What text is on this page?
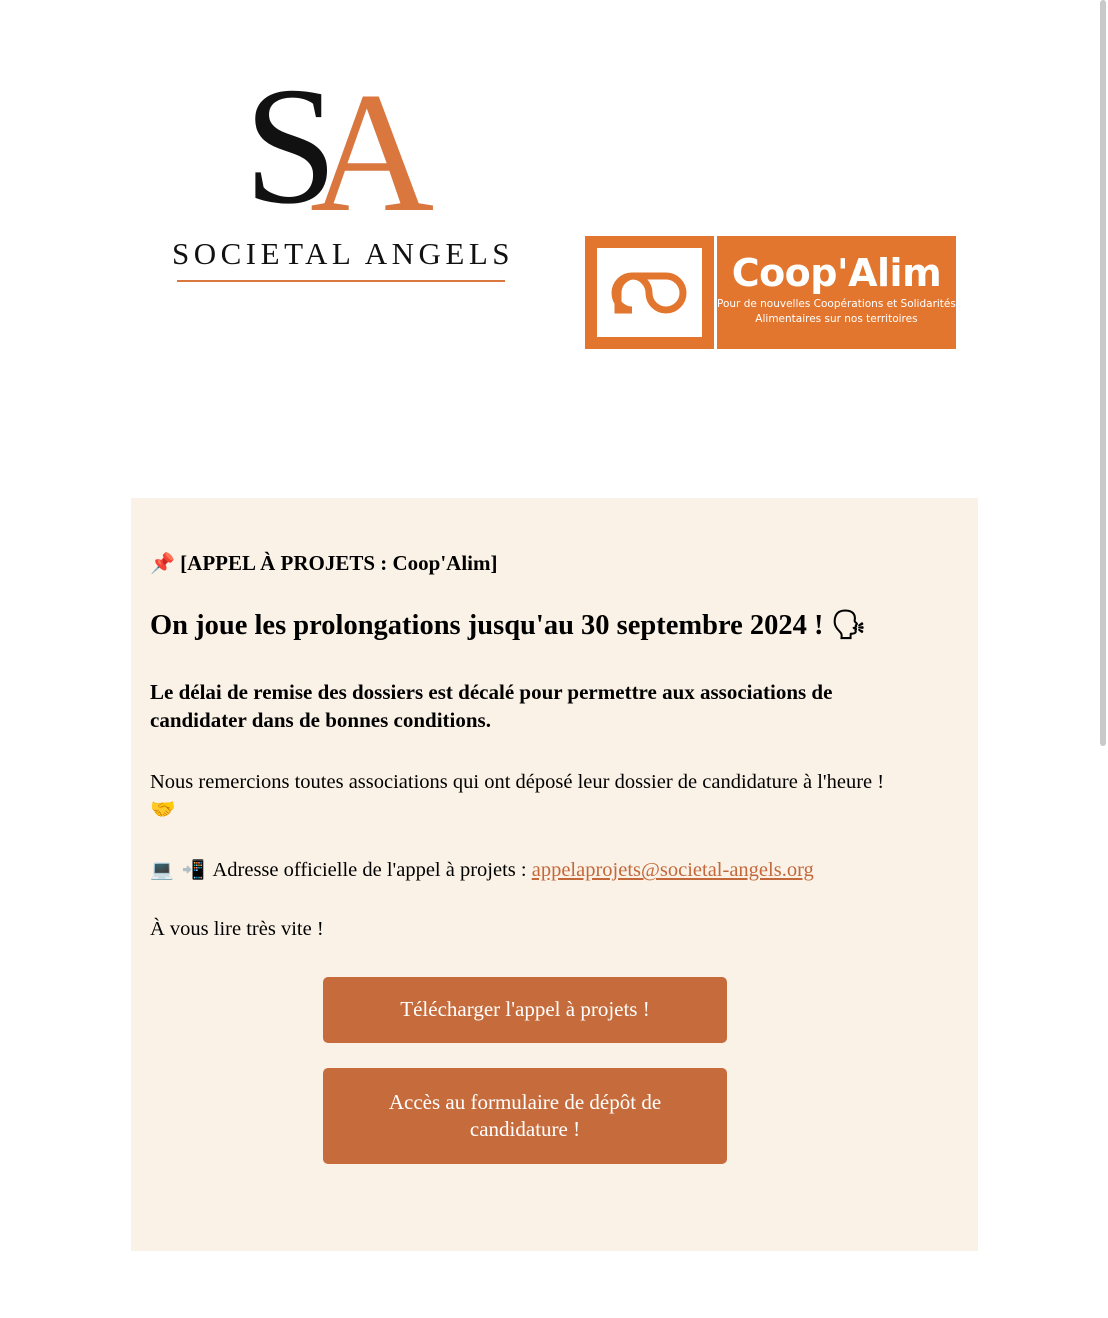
S
A
SOCIETAL ANGELS	Coop'Alim
Pour de nouvelles Coopérations et Solidarités
Alimentaires sur nos territoires

📌 [APPEL À PROJETS : Coop'Alim]

On joue les prolongations jusqu'au 30 septembre 2024 ! 🗣

Le délai de remise des dossiers est décalé pour permettre aux associations de candidater dans de bonnes conditions.

Nous remercions toutes associations qui ont déposé leur dossier de candidature à l'heure ! 🤝

💻 📲 Adresse officielle de l'appel à projets : appelaprojets@societal-angels.org

À vous lire très vite !

Télécharger l'appel à projets !
Accès au formulaire de dépôt de candidature !
